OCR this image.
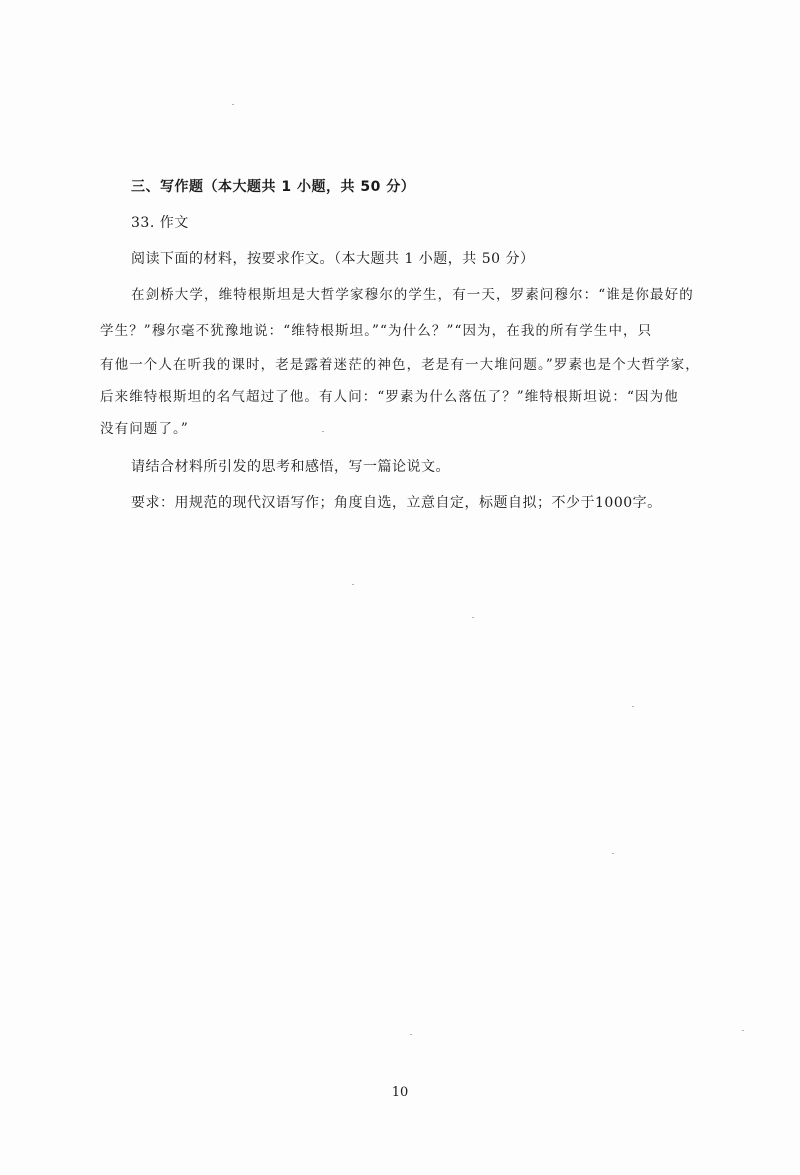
三、写作题（本大题共 1 小题，共 50 分）
33. 作文
阅读下面的材料，按要求作文。（本大题共 1 小题，共 50 分）
在剑桥大学，维特根斯坦是大哲学家穆尔的学生，有一天，罗素问穆尔：“谁是你最好的
学生？”穆尔毫不犹豫地说：“维特根斯坦。”“为什么？”“因为，在我的所有学生中，只
有他一个人在听我的课时，老是露着迷茫的神色，老是有一大堆问题。”罗素也是个大哲学家，
后来维特根斯坦的名气超过了他。有人问：“罗素为什么落伍了？”维特根斯坦说：“因为他
没有问题了。”
请结合材料所引发的思考和感悟，写一篇论说文。
要求：用规范的现代汉语写作；角度自选，立意自定，标题自拟；不少于1000字。
10
